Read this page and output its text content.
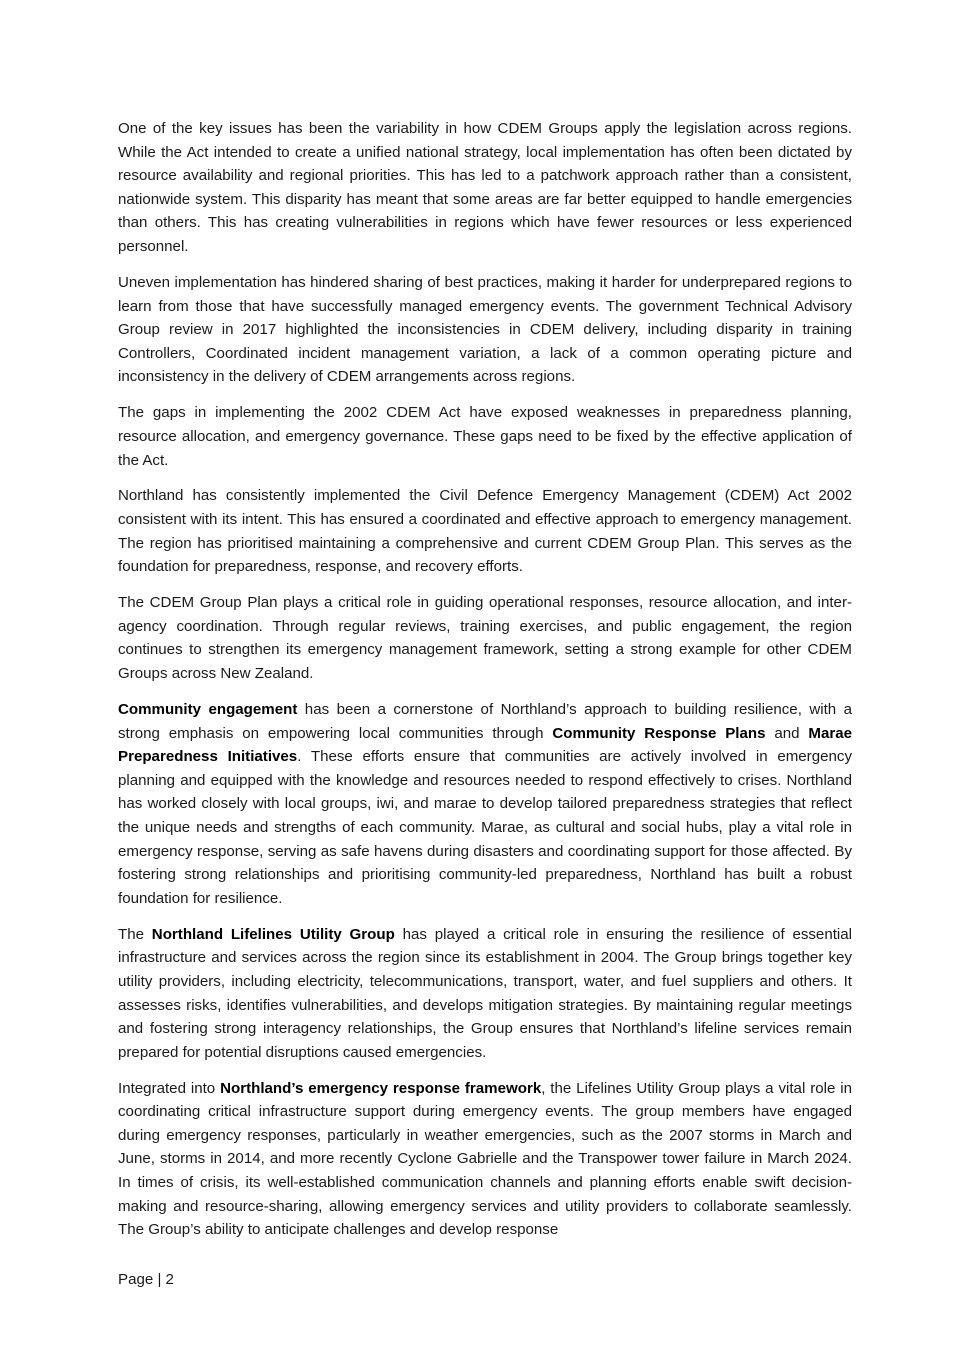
One of the key issues has been the variability in how CDEM Groups apply the legislation across regions. While the Act intended to create a unified national strategy, local implementation has often been dictated by resource availability and regional priorities. This has led to a patchwork approach rather than a consistent, nationwide system. This disparity has meant that some areas are far better equipped to handle emergencies than others. This has creating vulnerabilities in regions which have fewer resources or less experienced personnel.

Uneven implementation has hindered sharing of best practices, making it harder for underprepared regions to learn from those that have successfully managed emergency events. The government Technical Advisory Group review in 2017 highlighted the inconsistencies in CDEM delivery, including disparity in training Controllers, Coordinated incident management variation, a lack of a common operating picture and inconsistency in the delivery of CDEM arrangements across regions.

The gaps in implementing the 2002 CDEM Act have exposed weaknesses in preparedness planning, resource allocation, and emergency governance. These gaps need to be fixed by the effective application of the Act.

Northland has consistently implemented the Civil Defence Emergency Management (CDEM) Act 2002 consistent with its intent. This has ensured a coordinated and effective approach to emergency management. The region has prioritised maintaining a comprehensive and current CDEM Group Plan. This serves as the foundation for preparedness, response, and recovery efforts.

The CDEM Group Plan plays a critical role in guiding operational responses, resource allocation, and inter-agency coordination. Through regular reviews, training exercises, and public engagement, the region continues to strengthen its emergency management framework, setting a strong example for other CDEM Groups across New Zealand.

Community engagement has been a cornerstone of Northland’s approach to building resilience, with a strong emphasis on empowering local communities through Community Response Plans and Marae Preparedness Initiatives. These efforts ensure that communities are actively involved in emergency planning and equipped with the knowledge and resources needed to respond effectively to crises. Northland has worked closely with local groups, iwi, and marae to develop tailored preparedness strategies that reflect the unique needs and strengths of each community. Marae, as cultural and social hubs, play a vital role in emergency response, serving as safe havens during disasters and coordinating support for those affected. By fostering strong relationships and prioritising community-led preparedness, Northland has built a robust foundation for resilience.

The Northland Lifelines Utility Group has played a critical role in ensuring the resilience of essential infrastructure and services across the region since its establishment in 2004. The Group brings together key utility providers, including electricity, telecommunications, transport, water, and fuel suppliers and others. It assesses risks, identifies vulnerabilities, and develops mitigation strategies. By maintaining regular meetings and fostering strong interagency relationships, the Group ensures that Northland’s lifeline services remain prepared for potential disruptions caused emergencies.

Integrated into Northland’s emergency response framework, the Lifelines Utility Group plays a vital role in coordinating critical infrastructure support during emergency events. The group members have engaged during emergency responses, particularly in weather emergencies, such as the 2007 storms in March and June, storms in 2014, and more recently Cyclone Gabrielle and the Transpower tower failure in March 2024. In times of crisis, its well-established communication channels and planning efforts enable swift decision-making and resource-sharing, allowing emergency services and utility providers to collaborate seamlessly. The Group’s ability to anticipate challenges and develop response

Page | 2
